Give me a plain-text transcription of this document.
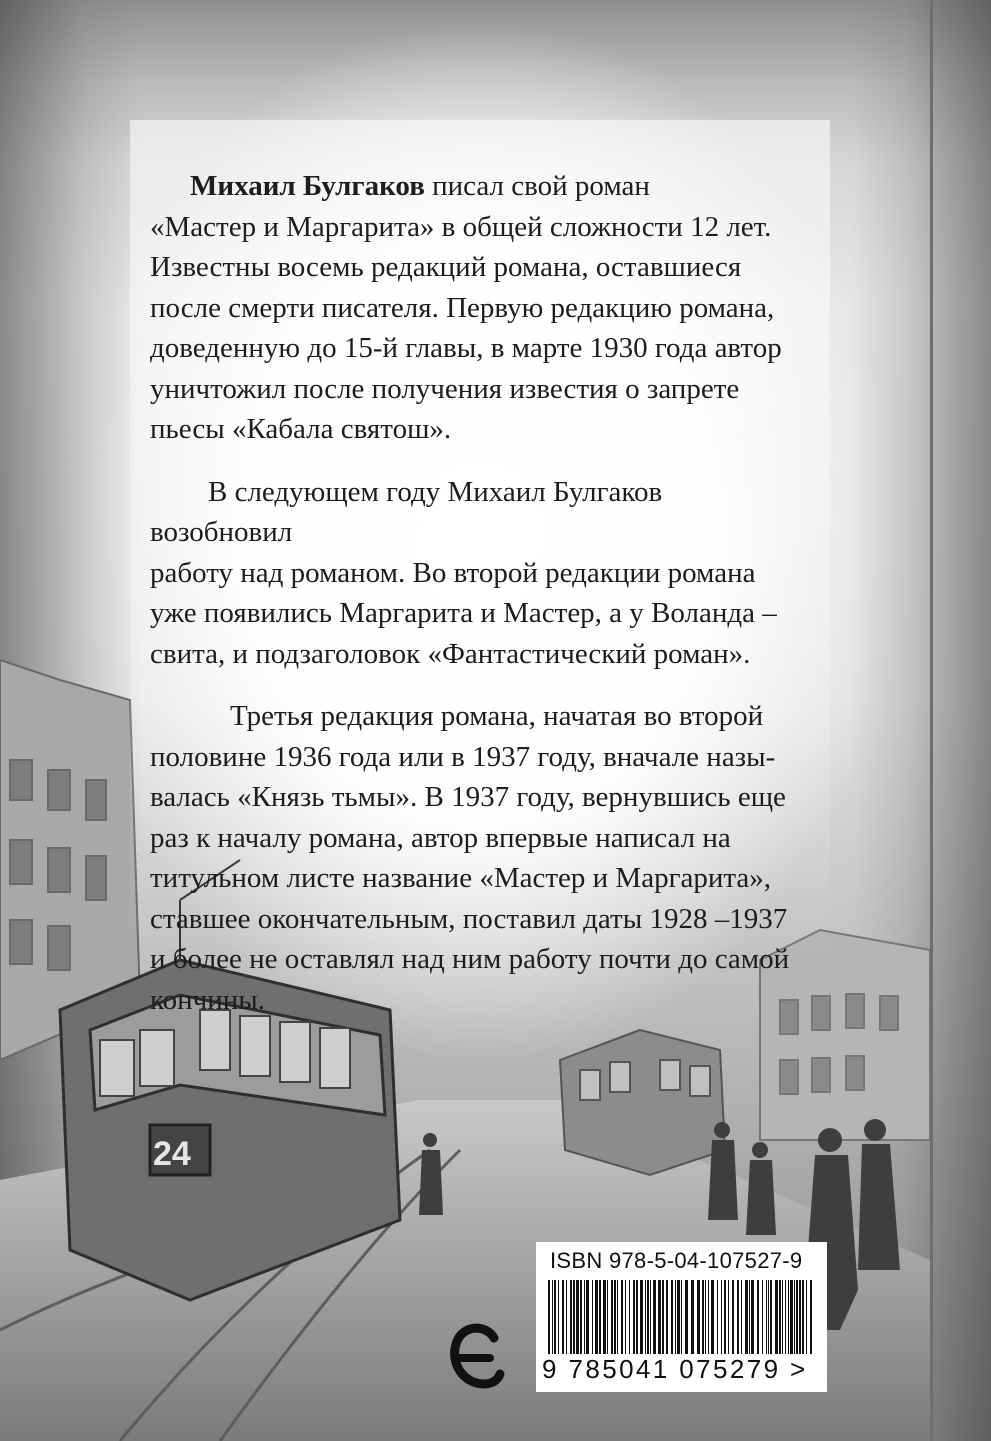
24

Михаил Булгаков писал свой роман
«Мастер и Маргарита» в общей сложности 12 лет.
Известны восемь редакций романа, оставшиеся
после смерти писателя. Первую редакцию романа,
доведенную до 15-й главы, в марте 1930 года автор
уничтожил после получения известия о запрете
пьесы «Кабала святош».

В следующем году Михаил Булгаков возобновил
работу над романом. Во второй редакции романа
уже появились Маргарита и Мастер, а у Воланда –
свита, и подзаголовок «Фантастический роман».

Третья редакция романа, начатая во второй
половине 1936 года или в 1937 году, вначале назы-
валась «Князь тьмы». В 1937 году, вернувшись еще
раз к началу романа, автор впервые написал на
титульном листе название «Мастер и Маргарита»,
ставшее окончательным, поставил даты 1928 –1937
и более не оставлял над ним работу почти до самой
кончины.

ISBN 978-5-04-107527-9
9 785041 075279 >
